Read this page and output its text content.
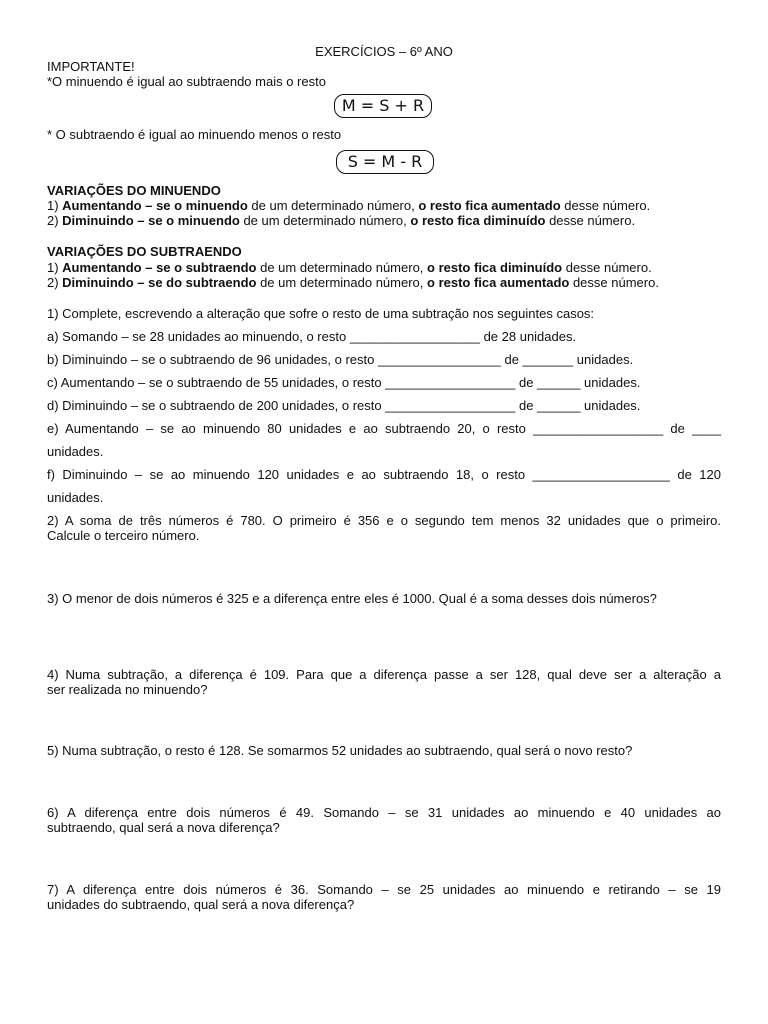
EXERCÍCIOS – 6º ANO
IMPORTANTE!
*O minuendo é igual ao subtraendo mais o resto
M = S + R
* O subtraendo é igual ao minuendo menos o resto
S = M - R
VARIAÇÕES DO MINUENDO
1) Aumentando – se o minuendo de um determinado número, o resto fica aumentado desse número.
2) Diminuindo – se o minuendo de um determinado número, o resto fica diminuído desse número.
VARIAÇÕES DO SUBTRAENDO
1) Aumentando – se o subtraendo de um determinado número, o resto fica diminuído desse número.
2) Diminuindo – se do subtraendo de um determinado número, o resto fica aumentado desse número.
1) Complete, escrevendo a alteração que sofre o resto de uma subtração nos seguintes casos:
a) Somando – se 28 unidades ao minuendo, o resto __________________ de 28 unidades.
b) Diminuindo – se o subtraendo de 96 unidades, o resto _________________ de _______ unidades.
c) Aumentando – se o subtraendo de 55 unidades, o resto __________________ de ______ unidades.
d) Diminuindo – se o subtraendo de 200 unidades, o resto __________________ de ______ unidades.
e) Aumentando – se ao minuendo 80 unidades e ao subtraendo 20, o resto __________________ de ____
unidades.
f) Diminuindo – se ao minuendo 120 unidades e ao subtraendo 18, o resto ___________________ de 120
unidades.
2) A soma de três números é 780. O primeiro é 356 e o segundo tem menos 32 unidades que o primeiro.
Calcule o terceiro número.
3) O menor de dois números é 325 e a diferença entre eles é 1000. Qual é a soma desses dois números?
4) Numa subtração, a diferença é 109. Para que a diferença passe a ser 128, qual deve ser a alteração a
ser realizada no minuendo?
5) Numa subtração, o resto é 128. Se somarmos 52 unidades ao subtraendo, qual será o novo resto?
6) A diferença entre dois números é 49. Somando – se 31 unidades ao minuendo e 40 unidades ao
subtraendo, qual será a nova diferença?
7) A diferença entre dois números é 36. Somando – se 25 unidades ao minuendo e retirando – se 19
unidades do subtraendo, qual será a nova diferença?
